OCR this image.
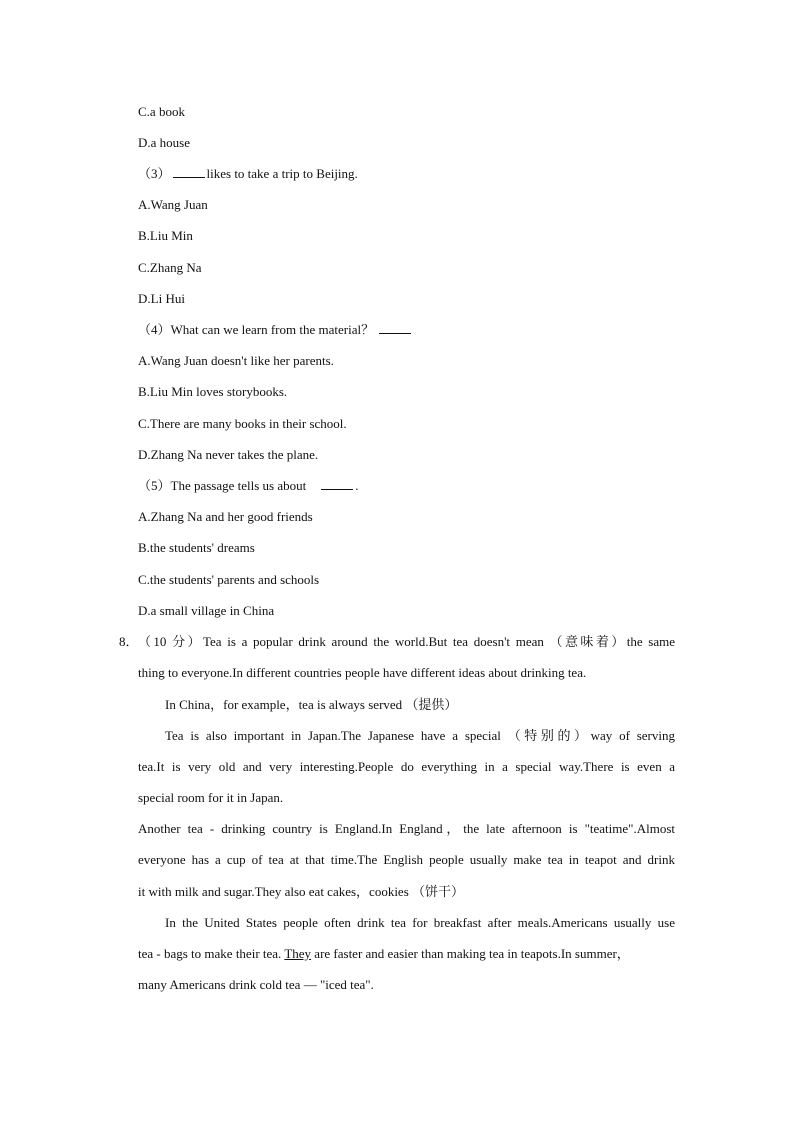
C.a book
D.a house
（3）	likes to take a trip to Beijing.
A.Wang Juan
B.Liu Min
C.Zhang Na
D.Li Hui
（4）What can we learn from the material？
A.Wang Juan doesn't like her parents.
B.Liu Min loves storybooks.
C.There are many books in their school.
D.Zhang Na never takes the plane.
（5）The passage tells us about	.
A.Zhang Na and her good friends
B.the students' dreams
C.the students' parents and schools
D.a small village in China
8． （10 分）Tea is a popular drink around the world.But tea doesn't mean （意味着）the same
thing to everyone.In different countries people have different ideas about drinking tea.
In China，for example，tea is always served （提供）
Tea is also important in Japan.The Japanese have a special （特别的）way of serving
tea.It is very old and very interesting.People do everything in a special way.There is even a
special room for it in Japan.
Another tea - drinking country is England.In England，the late afternoon is "teatime".Almost
everyone has a cup of tea at that time.The English people usually make tea in teapot and drink
it with milk and sugar.They also eat cakes，cookies （饼干）
In the United States people often drink tea for breakfast after meals.Americans usually use
tea - bags to make their tea. They are faster and easier than making tea in teapots.In summer，
many Americans drink cold tea — "iced tea".
